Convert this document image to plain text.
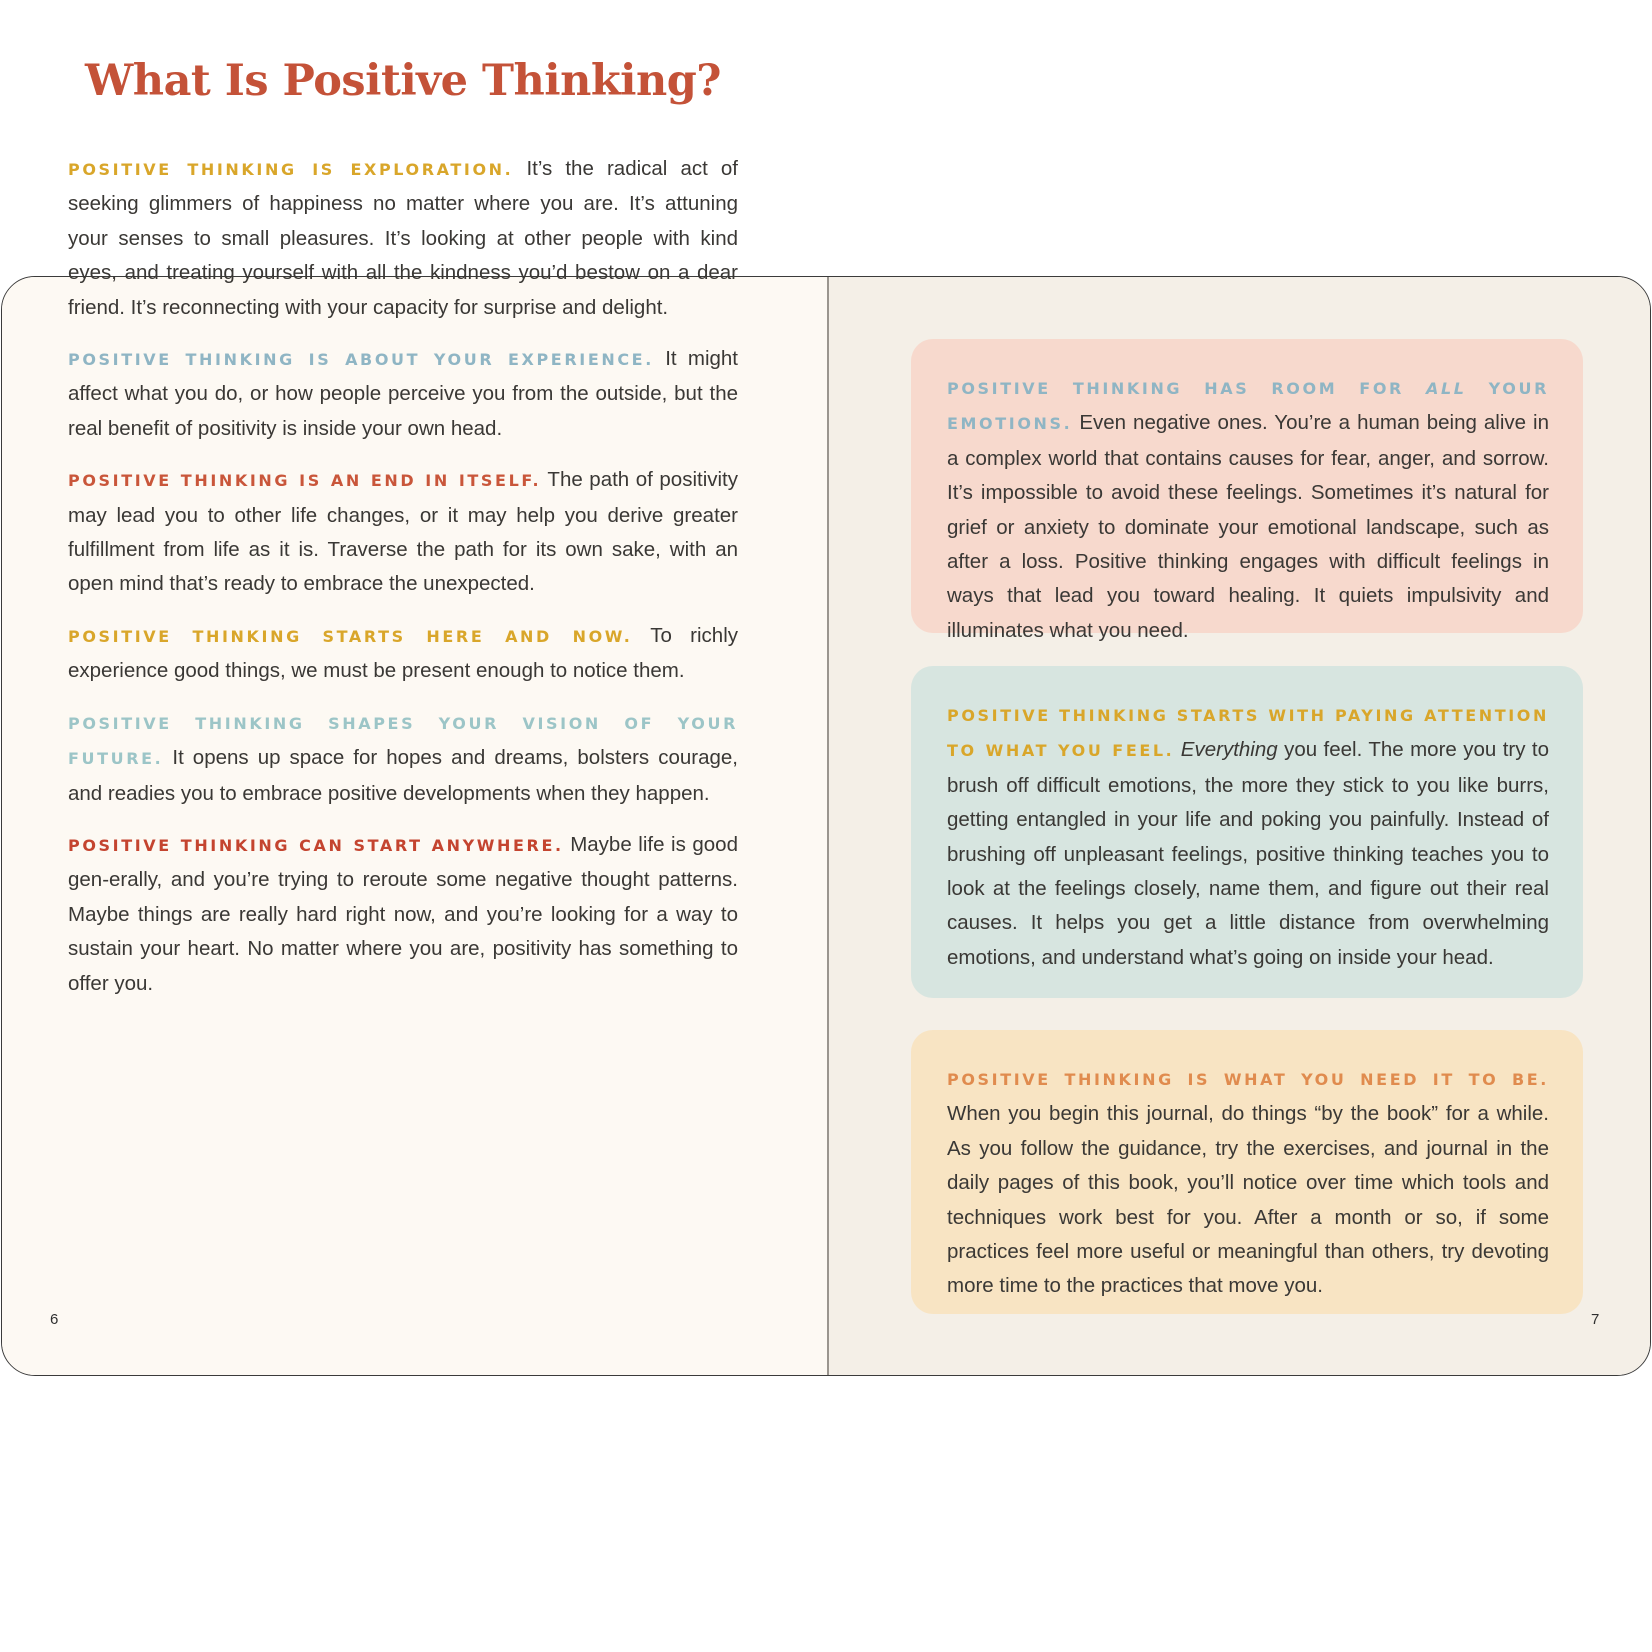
What Is Positive Thinking?

POSITIVE THINKING IS EXPLORATION. It’s the radical act of seeking glimmers of happiness no matter where you are. It’s attuning your senses to small pleasures. It’s looking at other people with kind eyes, and treating yourself with all the kindness you’d bestow on a dear friend. It’s reconnecting with your capacity for surprise and delight.

POSITIVE THINKING IS ABOUT YOUR EXPERIENCE. It might affect what you do, or how people perceive you from the outside, but the real benefit of positivity is inside your own head.

POSITIVE THINKING IS AN END IN ITSELF. The path of positivity may lead you to other life changes, or it may help you derive greater fulfillment from life as it is. Traverse the path for its own sake, with an open mind that’s ready to embrace the unexpected.

POSITIVE THINKING STARTS HERE AND NOW. To richly experience good things, we must be present enough to notice them.

POSITIVE THINKING SHAPES YOUR VISION OF YOUR FUTURE. It opens up space for hopes and dreams, bolsters courage, and readies you to embrace positive developments when they happen.

POSITIVE THINKING CAN START ANYWHERE. Maybe life is good gen-erally, and you’re trying to reroute some negative thought patterns. Maybe things are really hard right now, and you’re looking for a way to sustain your heart. No matter where you are, positivity has something to offer you.

POSITIVE THINKING HAS ROOM FOR ALL YOUR EMOTIONS. Even negative ones. You’re a human being alive in a complex world that contains causes for fear, anger, and sorrow. It’s impossible to avoid these feelings. Sometimes it’s natural for grief or anxiety to dominate your emotional landscape, such as after a loss. Positive thinking engages with difficult feelings in ways that lead you toward healing. It quiets impulsivity and illuminates what you need.

POSITIVE THINKING STARTS WITH PAYING ATTENTION TO WHAT YOU FEEL. Everything you feel. The more you try to brush off difficult emotions, the more they stick to you like burrs, getting entangled in your life and poking you painfully. Instead of brushing off unpleasant feelings, positive thinking teaches you to look at the feelings closely, name them, and figure out their real causes. It helps you get a little distance from overwhelming emotions, and understand what’s going on inside your head.

POSITIVE THINKING IS WHAT YOU NEED IT TO BE. When you begin this journal, do things “by the book” for a while. As you follow the guidance, try the exercises, and journal in the daily pages of this book, you’ll notice over time which tools and techniques work best for you. After a month or so, if some practices feel more useful or meaningful than others, try devoting more time to the practices that move you.

6	7
